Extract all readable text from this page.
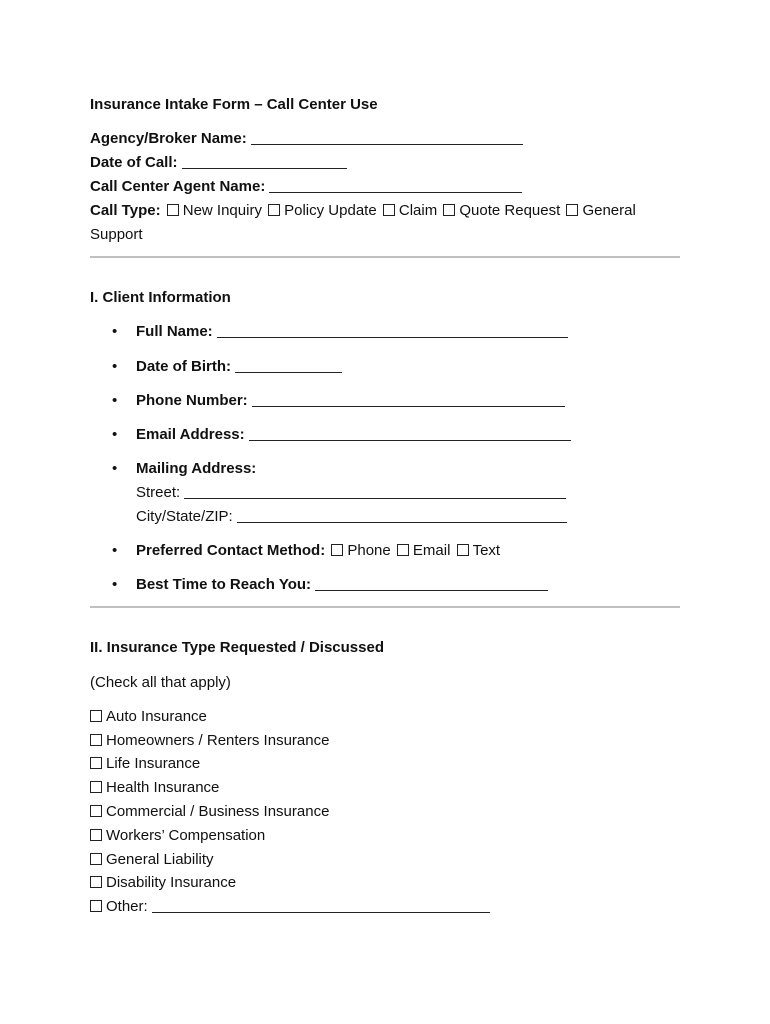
Insurance Intake Form – Call Center Use
Agency/Broker Name:
Date of Call:
Call Center Agent Name:
Call Type: New Inquiry Policy Update Claim Quote Request General
Support
I. Client Information
• Full Name:
• Date of Birth:
• Phone Number:
• Email Address:
• Mailing Address:
Street:
City/State/ZIP:
• Preferred Contact Method: Phone Email Text
• Best Time to Reach You:
II. Insurance Type Requested / Discussed
(Check all that apply)
Auto Insurance
Homeowners / Renters Insurance
Life Insurance
Health Insurance
Commercial / Business Insurance
Workers’ Compensation
General Liability
Disability Insurance
Other:
